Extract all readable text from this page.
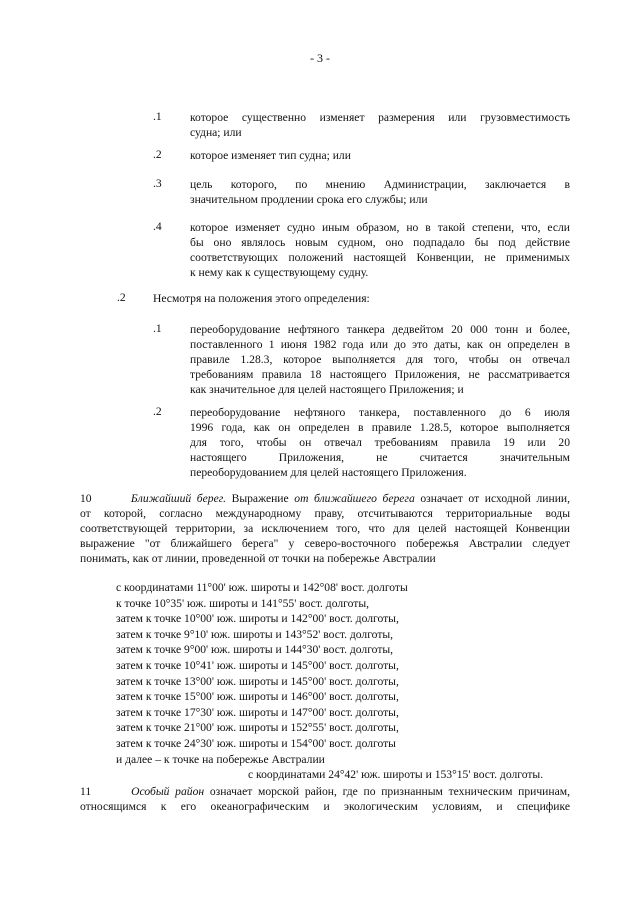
- 3 -
.1 которое существенно изменяет размерения или грузовместимость
судна; или
.2 которое изменяет тип судна; или
.3 цель которого, по мнению Администрации, заключается в
значительном продлении срока его службы; или
.4 которое изменяет судно иным образом, но в такой степени, что, если
бы оно являлось новым судном, оно подпадало бы под действие
соответствующих положений настоящей Конвенции, не применимых
к нему как к существующему судну.
.2 Несмотря на положения этого определения:
.1 переоборудование нефтяного танкера дедвейтом 20 000 тонн и более,
поставленного 1 июня 1982 года или до это даты, как он определен в
правиле 1.28.3, которое выполняется для того, чтобы он отвечал
требованиям правила 18 настоящего Приложения, не рассматривается
как значительное для целей настоящего Приложения; и
.2 переоборудование нефтяного танкера, поставленного до 6 июля
1996 года, как он определен в правиле 1.28.5, которое выполняется
для того, чтобы он отвечал требованиям правила 19 или 20
настоящего Приложения, не считается значительным
переоборудованием для целей настоящего Приложения.
10	Ближайший берег. Выражение от ближайшего берега означает от исходной линии,
от которой, согласно международному праву, отсчитываются территориальные воды
соответствующей территории, за исключением того, что для целей настоящей Конвенции
выражение "от ближайшего берега" у северо-восточного побережья Австралии следует
понимать, как от линии, проведенной от точки на побережье Австралии
с координатами 11°00' юж. широты и 142°08' вост. долготы
к точке 10°35' юж. широты и 141°55' вост. долготы,
затем к точке 10°00' юж. широты и 142°00' вост. долготы,
затем к точке 9°10' юж. широты и 143°52' вост. долготы,
затем к точке 9°00' юж. широты и 144°30' вост. долготы,
затем к точке 10°41' юж. широты и 145°00' вост. долготы,
затем к точке 13°00' юж. широты и 145°00' вост. долготы,
затем к точке 15°00' юж. широты и 146°00' вост. долготы,
затем к точке 17°30' юж. широты и 147°00' вост. долготы,
затем к точке 21°00' юж. широты и 152°55' вост. долготы,
затем к точке 24°30' юж. широты и 154°00' вост. долготы
и далее – к точке на побережье Австралии
с координатами 24°42' юж. широты и 153°15' вост. долготы.
11	Особый район означает морской район, где по признанным техническим причинам,
относящимся к его океанографическим и экологическим условиям, и специфике
